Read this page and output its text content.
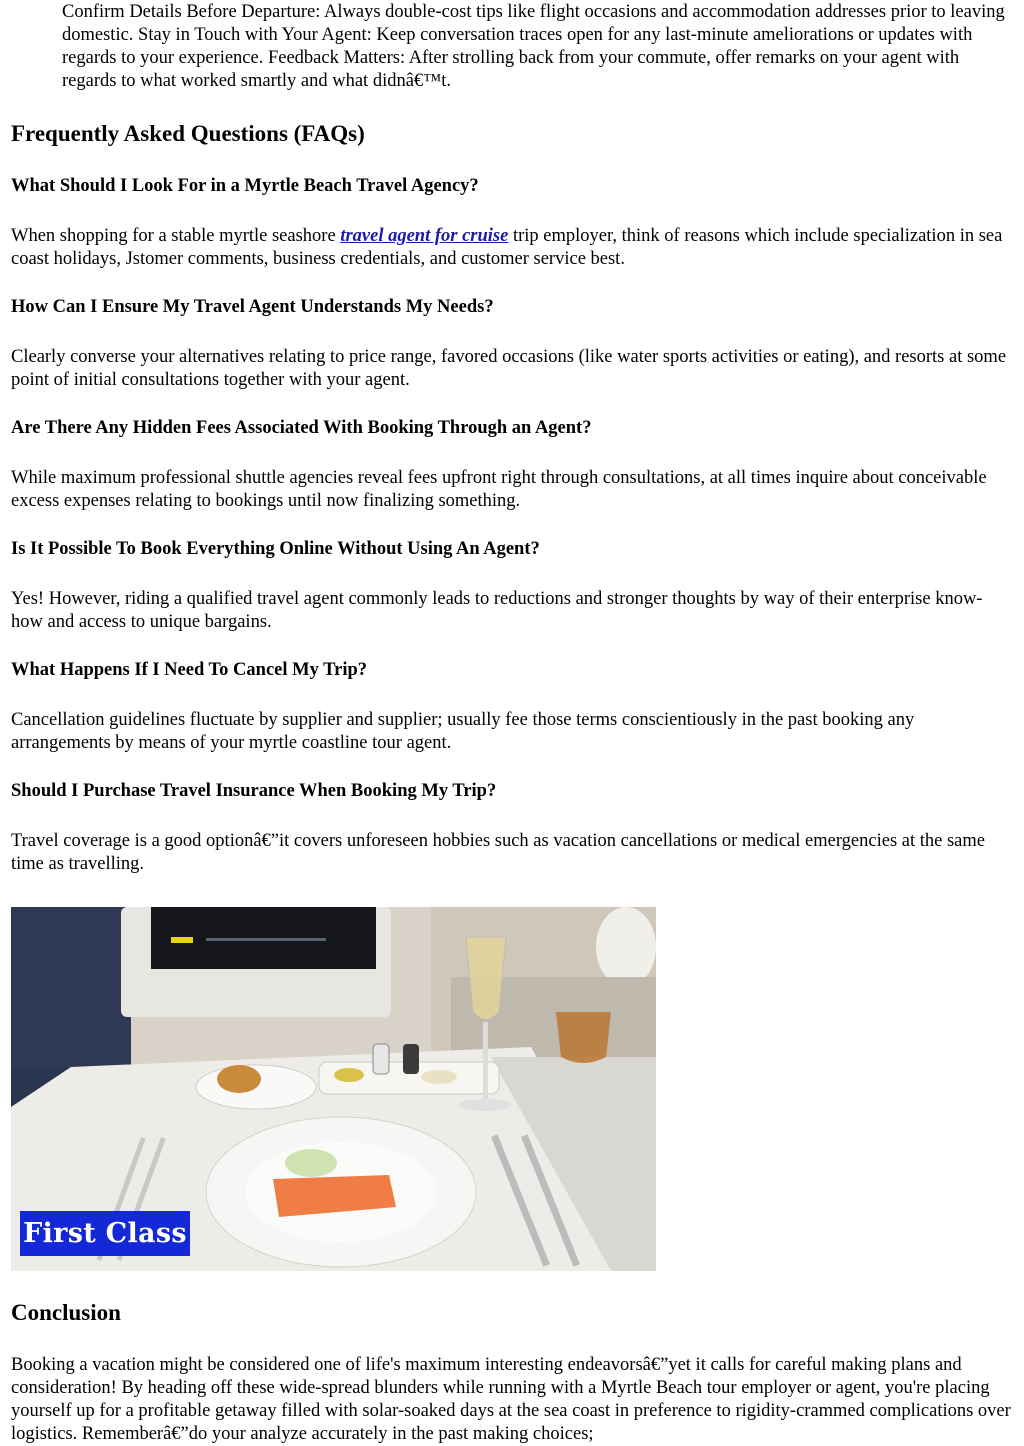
Confirm Details Before Departure: Always double-cost tips like flight occasions and accommodation addresses prior to leaving domestic. Stay in Touch with Your Agent: Keep conversation traces open for any last-minute ameliorations or updates with regards to your experience. Feedback Matters: After strolling back from your commute, offer remarks on your agent with regards to what worked smartly and what didnâ€™t.

Frequently Asked Questions (FAQs)
What Should I Look For in a Myrtle Beach Travel Agency?

When shopping for a stable myrtle seashore travel agent for cruise trip employer, think of reasons which include specialization in sea coast holidays, Jstomer comments, business credentials, and customer service best.

How Can I Ensure My Travel Agent Understands My Needs?

Clearly converse your alternatives relating to price range, favored occasions (like water sports activities or eating), and resorts at some point of initial consultations together with your agent.

Are There Any Hidden Fees Associated With Booking Through an Agent?

While maximum professional shuttle agencies reveal fees upfront right through consultations, at all times inquire about conceivable excess expenses relating to bookings until now finalizing something.

Is It Possible To Book Everything Online Without Using An Agent?

Yes! However, riding a qualified travel agent commonly leads to reductions and stronger thoughts by way of their enterprise know-how and access to unique bargains.

What Happens If I Need To Cancel My Trip?

Cancellation guidelines fluctuate by supplier and supplier; usually fee those terms conscientiously in the past booking any arrangements by means of your myrtle coastline tour agent.

Should I Purchase Travel Insurance When Booking My Trip?

Travel coverage is a good optionâ€”it covers unforeseen hobbies such as vacation cancellations or medical emergencies at the same time as travelling.

First Class
Conclusion

Booking a vacation might be considered one of life's maximum interesting endeavorsâ€”yet it calls for careful making plans and consideration! By heading off these wide-spread blunders while running with a Myrtle Beach tour employer or agent, you're placing yourself up for a profitable getaway filled with solar-soaked days at the sea coast in preference to rigidity-crammed complications over logistics. Rememberâ€”do your analyze accurately in the past making choices;
